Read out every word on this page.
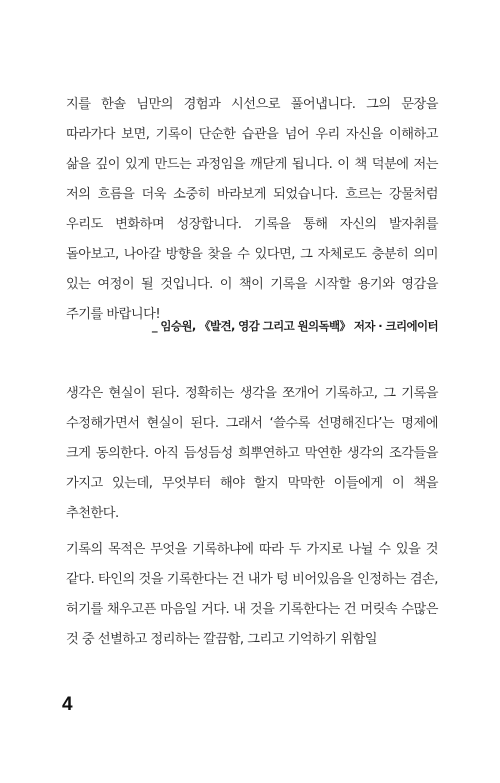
지를 한솔 님만의 경험과 시선으로 풀어냅니다. 그의 문장을 따라가다 보면, 기록이 단순한 습관을 넘어 우리 자신을 이해하고 삶을 깊이 있게 만드는 과정임을 깨닫게 됩니다. 이 책 덕분에 저는 저의 흐름을 더욱 소중히 바라보게 되었습니다. 흐르는 강물처럼 우리도 변화하며 성장합니다. 기록을 통해 자신의 발자취를 돌아보고, 나아갈 방향을 찾을 수 있다면, 그 자체로도 충분히 의미 있는 여정이 될 것입니다. 이 책이 기록을 시작할 용기와 영감을 주기를 바랍니다!

_ 임승원, 《발견, 영감 그리고 원의독백》 저자 · 크리에이터

생각은 현실이 된다. 정확히는 생각을 쪼개어 기록하고, 그 기록을 수정해가면서 현실이 된다. 그래서 ‘쓸수록 선명해진다’는 명제에 크게 동의한다. 아직 듬성듬성 희뿌연하고 막연한 생각의 조각들을 가지고 있는데, 무엇부터 해야 할지 막막한 이들에게 이 책을 추천한다.

기록의 목적은 무엇을 기록하냐에 따라 두 가지로 나뉠 수 있을 것 같다. 타인의 것을 기록한다는 건 내가 텅 비어있음을 인정하는 겸손, 허기를 채우고픈 마음일 거다. 내 것을 기록한다는 건 머릿속 수많은 것 중 선별하고 정리하는 깔끔함, 그리고 기억하기 위함일

4
